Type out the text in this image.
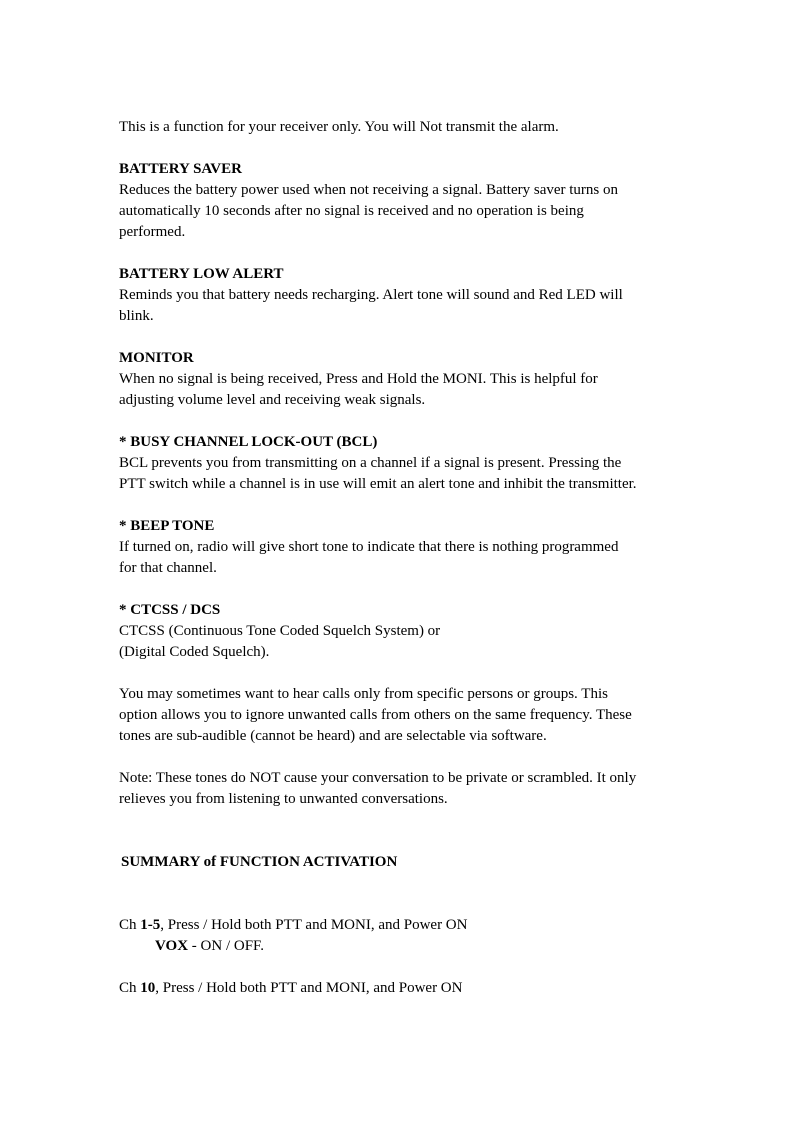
This is a function for your receiver only. You will Not transmit the alarm.

BATTERY SAVER

Reduces the battery power used when not receiving a signal. Battery saver turns on

automatically 10 seconds after no signal is received and no operation is being

performed.

BATTERY LOW ALERT

Reminds you that battery needs recharging. Alert tone will sound and Red LED will

blink.

MONITOR

When no signal is being received, Press and Hold the MONI. This is helpful for

adjusting volume level and receiving weak signals.

* BUSY CHANNEL LOCK-OUT (BCL)

BCL prevents you from transmitting on a channel if a signal is present. Pressing the

PTT switch while a channel is in use will emit an alert tone and inhibit the transmitter.

* BEEP TONE

If turned on, radio will give short tone to indicate that there is nothing programmed

for that channel.

* CTCSS / DCS

CTCSS (Continuous Tone Coded Squelch System) or

(Digital Coded Squelch).

You may sometimes want to hear calls only from specific persons or groups. This

option allows you to ignore unwanted calls from others on the same frequency. These

tones are sub-audible (cannot be heard) and are selectable via software.

Note: These tones do NOT cause your conversation to be private or scrambled. It only

relieves you from listening to unwanted conversations.

SUMMARY of FUNCTION ACTIVATION

Ch 1-5, Press / Hold both PTT and MONI, and Power ON

VOX - ON / OFF.

Ch 10, Press / Hold both PTT and MONI, and Power ON
